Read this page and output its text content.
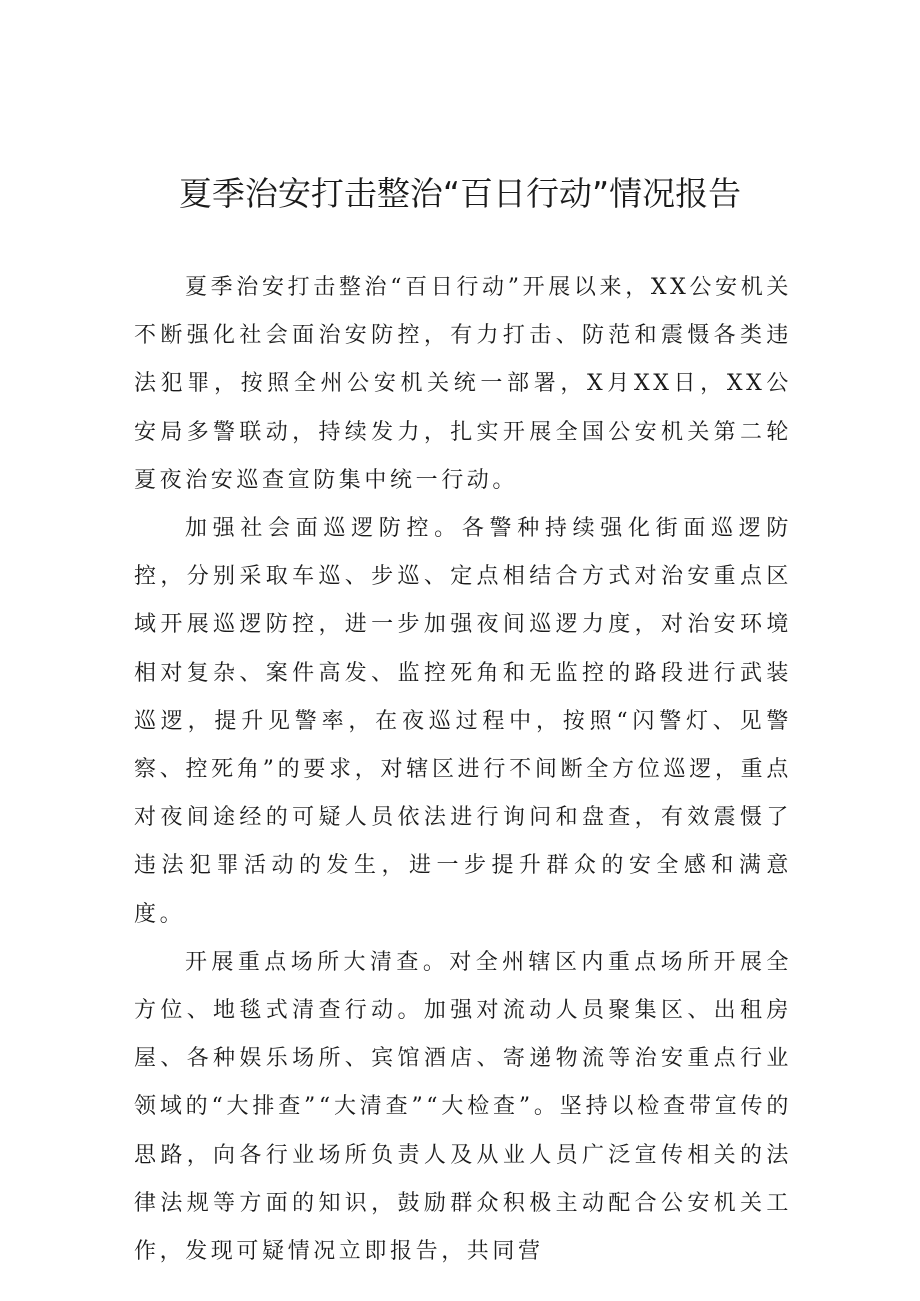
夏季治安打击整治“百日行动”情况报告

夏季治安打击整治“百日行动”开展以来，XX公安机关不断强化社会面治安防控，有力打击、防范和震慑各类违法犯罪，按照全州公安机关统一部署，X月XX日，XX公安局多警联动，持续发力，扎实开展全国公安机关第二轮夏夜治安巡查宣防集中统一行动。

加强社会面巡逻防控。各警种持续强化街面巡逻防控，分别采取车巡、步巡、定点相结合方式对治安重点区域开展巡逻防控，进一步加强夜间巡逻力度，对治安环境相对复杂、案件高发、监控死角和无监控的路段进行武装巡逻，提升见警率，在夜巡过程中，按照“闪警灯、见警察、控死角”的要求，对辖区进行不间断全方位巡逻，重点对夜间途经的可疑人员依法进行询问和盘查，有效震慑了违法犯罪活动的发生，进一步提升群众的安全感和满意度。

开展重点场所大清查。对全州辖区内重点场所开展全方位、地毯式清查行动。加强对流动人员聚集区、出租房屋、各种娱乐场所、宾馆酒店、寄递物流等治安重点行业领域的“大排查”“大清查”“大检查”。坚持以检查带宣传的思路，向各行业场所负责人及从业人员广泛宣传相关的法律法规等方面的知识，鼓励群众积极主动配合公安机关工作，发现可疑情况立即报告，共同营
